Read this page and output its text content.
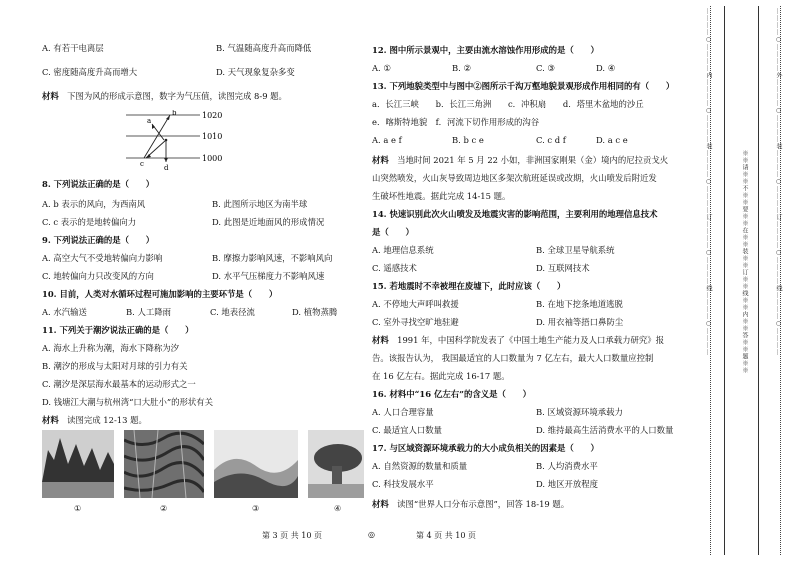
A. 有若干电离层	B. 气温随高度升高而降低
C. 密度随高度升高而增大	D. 天气现象复杂多变
材料　 下图为风的形成示意图，数字为气压值，读图完成 8-9 题。
1020
1010
1000
a
b
c	d
8. 下列说法正确的是（　　）
A. b 表示的风向，为西南风	B. 此图所示地区为南半球
C. c 表示的是地转偏向力	D. 此图是近地面风的形成情况
9. 下列说法正确的是（　　）
A. 高空大气不受地转偏向力影响	B. 摩擦力影响风速，不影响风向
C. 地转偏向力只改变风的方向	D. 水平气压梯度力不影响风速
10. 目前，人类对水循环过程可施加影响的主要环节是（　　）
A. 水汽输送	B. 人工降雨	C. 地表径流	D. 植物蒸腾
11. 下列关于潮汐说法正确的是（　　）
A. 海水上升称为潮，海水下降称为汐
B. 潮汐的形成与太阳对月球的引力有关
C. 潮汐是深层海水最基本的运动形式之一
D. 钱塘江大潮与杭州湾“口大肚小”的形状有关
材料　 读图完成 12-13 题。
①	②	③	④
12. 图中所示景观中，主要由流水溶蚀作用形成的是（　　）
A. ①	B. ②	C. ③	D. ④
13. 下列地貌类型中与图中②图所示千沟万壑地貌景观形成作用相同的有（　　）
a．长江三峡　　b．长江三角洲　　c．冲积扇　　d．塔里木盆地的沙丘
e．喀斯特地貌　f．河流下切作用形成的沟谷
A. a e f	B. b c e	C. c d f	D. a c e
材料　 当地时间 2021 年 5 月 22 小如，非洲国家刚果（金）境内的尼拉贡戈火
山突然喷发，火山灰导致周边地区多架次航班延误或改期，火山喷发后附近发
生破坏性地震。据此完成 14-15 题。
14. 快速识别此次火山喷发及地震灾害的影响范围，主要利用的地理信息技术
是（　　）
A. 地理信息系统	B. 全球卫星导航系统
C. 遥感技术	D. 互联网技术
15. 若地震时不幸被埋在废墟下，此时应该（　　）
A. 不停地大声呼叫救援	B. 在地下挖条地道逃脱
C. 室外寻找空旷地驻避	D. 用衣袖等捂口鼻防尘
材料　 1991 年，中国科学院发表了《中国土地生产能力及人口承载力研究》报
告。该报告认为， 我国最适宜的人口数量为 7 亿左右，最大人口数量应控制
在 16 亿左右。据此完成 16-17 题。
16. 材料中“16 亿左右”的含义是（　　）
A. 人口合理容量	B. 区域资源环境承载力
C. 最适宜人口数量	D. 维持最高生活消费水平的人口数量
17. 与区域资源环境承载力的大小成负相关的因素是（　　）
A. 自然资源的数量和质量	B. 人均消费水平
C. 科技发展水平	D. 地区开放程度
材料　 读图“世界人口分布示意图”，回答 18-19 题。
第 3 页 共 10 页	◎	第 4 页 共 10 页
…………○…………内…………○…………装…………○…………订…………○…………线…………○…………	※※请※※不※※要※※在※※装※※订※※线※※内※※答※※题※※	…………○…………外…………○…………装…………○…………订…………○…………线…………○…………
